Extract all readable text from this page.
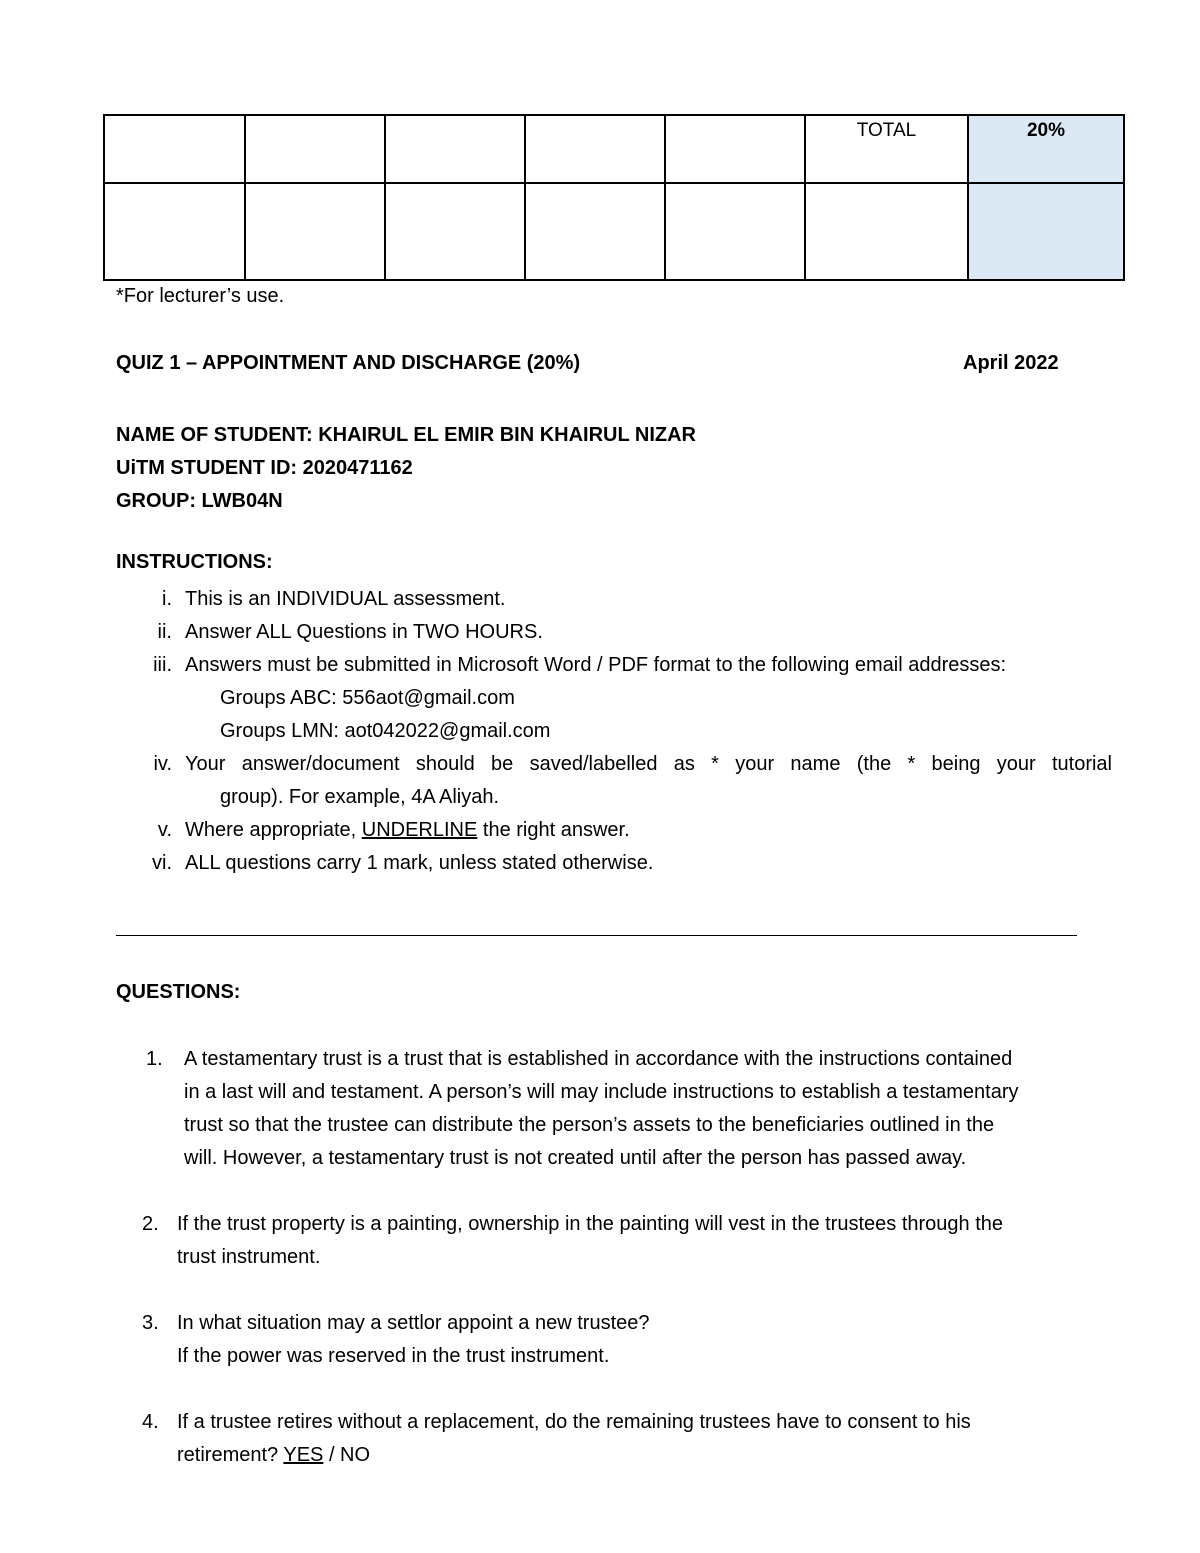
					TOTAL	20%

*For lecturer’s use.
QUIZ 1 – APPOINTMENT AND DISCHARGE (20%)	April 2022
NAME OF STUDENT: KHAIRUL EL EMIR BIN KHAIRUL NIZAR
UiTM STUDENT ID: 2020471162
GROUP: LWB04N
INSTRUCTIONS:
i. This is an INDIVIDUAL assessment.
ii. Answer ALL Questions in TWO HOURS.
iii. Answers must be submitted in Microsoft Word / PDF format to the following email addresses:
Groups ABC: 556aot@gmail.com
Groups LMN: aot042022@gmail.com
iv. Your answer/document should be saved/labelled as * your name (the * being your tutorial
group). For example, 4A Aliyah.
v. Where appropriate, UNDERLINE the right answer.
vi. ALL questions carry 1 mark, unless stated otherwise.
QUESTIONS:
1. A testamentary trust is a trust that is established in accordance with the instructions contained
in a last will and testament. A person’s will may include instructions to establish a testamentary
trust so that the trustee can distribute the person’s assets to the beneficiaries outlined in the
will. However, a testamentary trust is not created until after the person has passed away.
2. If the trust property is a painting, ownership in the painting will vest in the trustees through the
trust instrument.
3. In what situation may a settlor appoint a new trustee?
If the power was reserved in the trust instrument.
4. If a trustee retires without a replacement, do the remaining trustees have to consent to his
retirement? YES / NO
